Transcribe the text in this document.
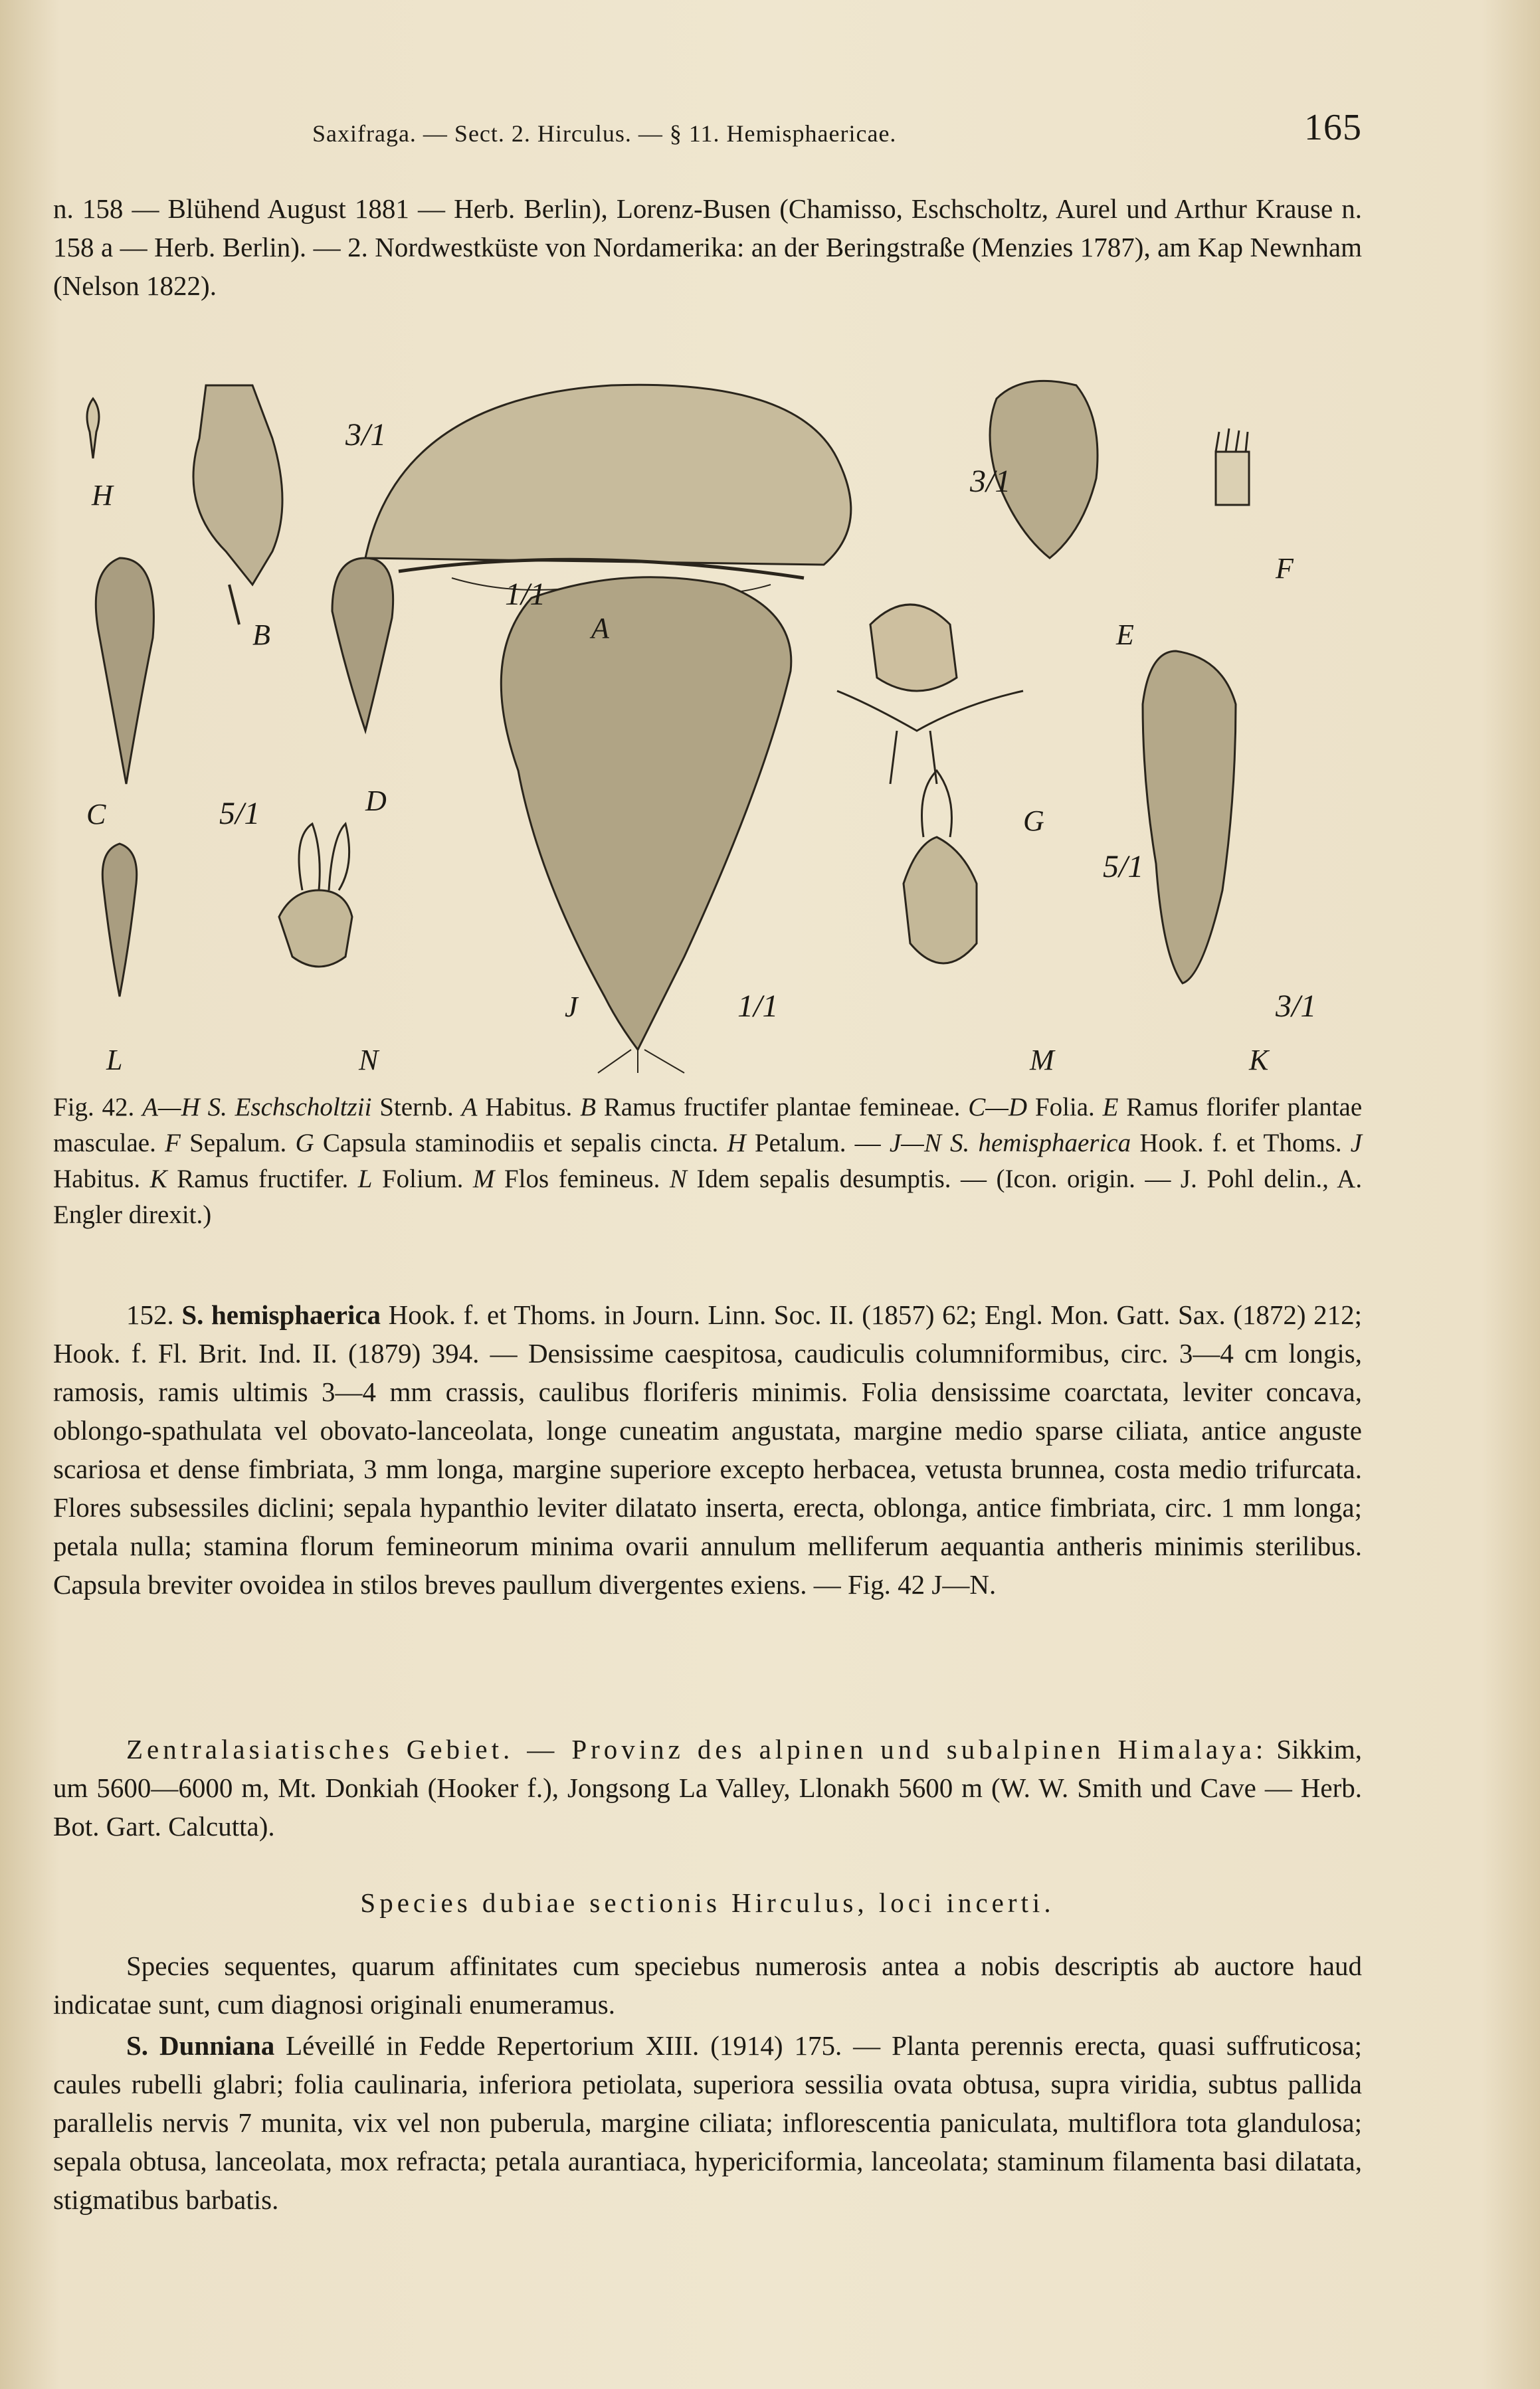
Saxifraga. — Sect. 2. Hirculus. — § 11. Hemisphaericae.	165

n. 158 — Blühend August 1881 — Herb. Berlin), Lorenz-Busen (Chamisso, Eschscholtz, Aurel und Arthur Krause n. 158 a — Herb. Berlin). — 2. Nordwestküste von Nordamerika: an der Beringstraße (Menzies 1787), am Kap Newnham (Nelson 1822).

H
B	A	E
F
C	D
G
J
L	N	M	K
3/1
1/1
3/1
5/1
1/1
5/1
3/1

Fig. 42. A—H S. Eschscholtzii Sternb. A Habitus. B Ramus fructifer plantae femineae. C—D Folia. E Ramus florifer plantae masculae. F Sepalum. G Capsula staminodiis et sepalis cincta. H Petalum. — J—N S. hemisphaerica Hook. f. et Thoms. J Habitus. K Ramus fructifer. L Folium. M Flos femineus. N Idem sepalis desumptis. — (Icon. origin. — J. Pohl delin., A. Engler direxit.)

152. S. hemisphaerica Hook. f. et Thoms. in Journ. Linn. Soc. II. (1857) 62; Engl. Mon. Gatt. Sax. (1872) 212; Hook. f. Fl. Brit. Ind. II. (1879) 394. — Densissime caespitosa, caudiculis columniformibus, circ. 3—4 cm longis, ramosis, ramis ultimis 3—4 mm crassis, caulibus floriferis minimis. Folia densissime coarctata, leviter concava, oblongo-spathulata vel obovato-lanceolata, longe cuneatim angustata, margine medio sparse ciliata, antice anguste scariosa et dense fimbriata, 3 mm longa, margine superiore excepto herbacea, vetusta brunnea, costa medio trifurcata. Flores subsessiles diclini; sepala hypanthio leviter dilatato inserta, erecta, oblonga, antice fimbriata, circ. 1 mm longa; petala nulla; stamina florum femineorum minima ovarii annulum melliferum aequantia antheris minimis sterilibus. Capsula breviter ovoidea in stilos breves paullum divergentes exiens. — Fig. 42 J—N.

Zentralasiatisches Gebiet. — Provinz des alpinen und subalpinen Himalaya: Sikkim, um 5600—6000 m, Mt. Donkiah (Hooker f.), Jongsong La Valley, Llonakh 5600 m (W. W. Smith und Cave — Herb. Bot. Gart. Calcutta).

Species dubiae sectionis Hirculus, loci incerti.

Species sequentes, quarum affinitates cum speciebus numerosis antea a nobis descriptis ab auctore haud indicatae sunt, cum diagnosi originali enumeramus.

S. Dunniana Léveillé in Fedde Repertorium XIII. (1914) 175. — Planta perennis erecta, quasi suffruticosa; caules rubelli glabri; folia caulinaria, inferiora petiolata, superiora sessilia ovata obtusa, supra viridia, subtus pallida parallelis nervis 7 munita, vix vel non puberula, margine ciliata; inflorescentia paniculata, multiflora tota glandulosa; sepala obtusa, lanceolata, mox refracta; petala aurantiaca, hypericiformia, lanceolata; staminum filamenta basi dilatata, stigmatibus barbatis.
